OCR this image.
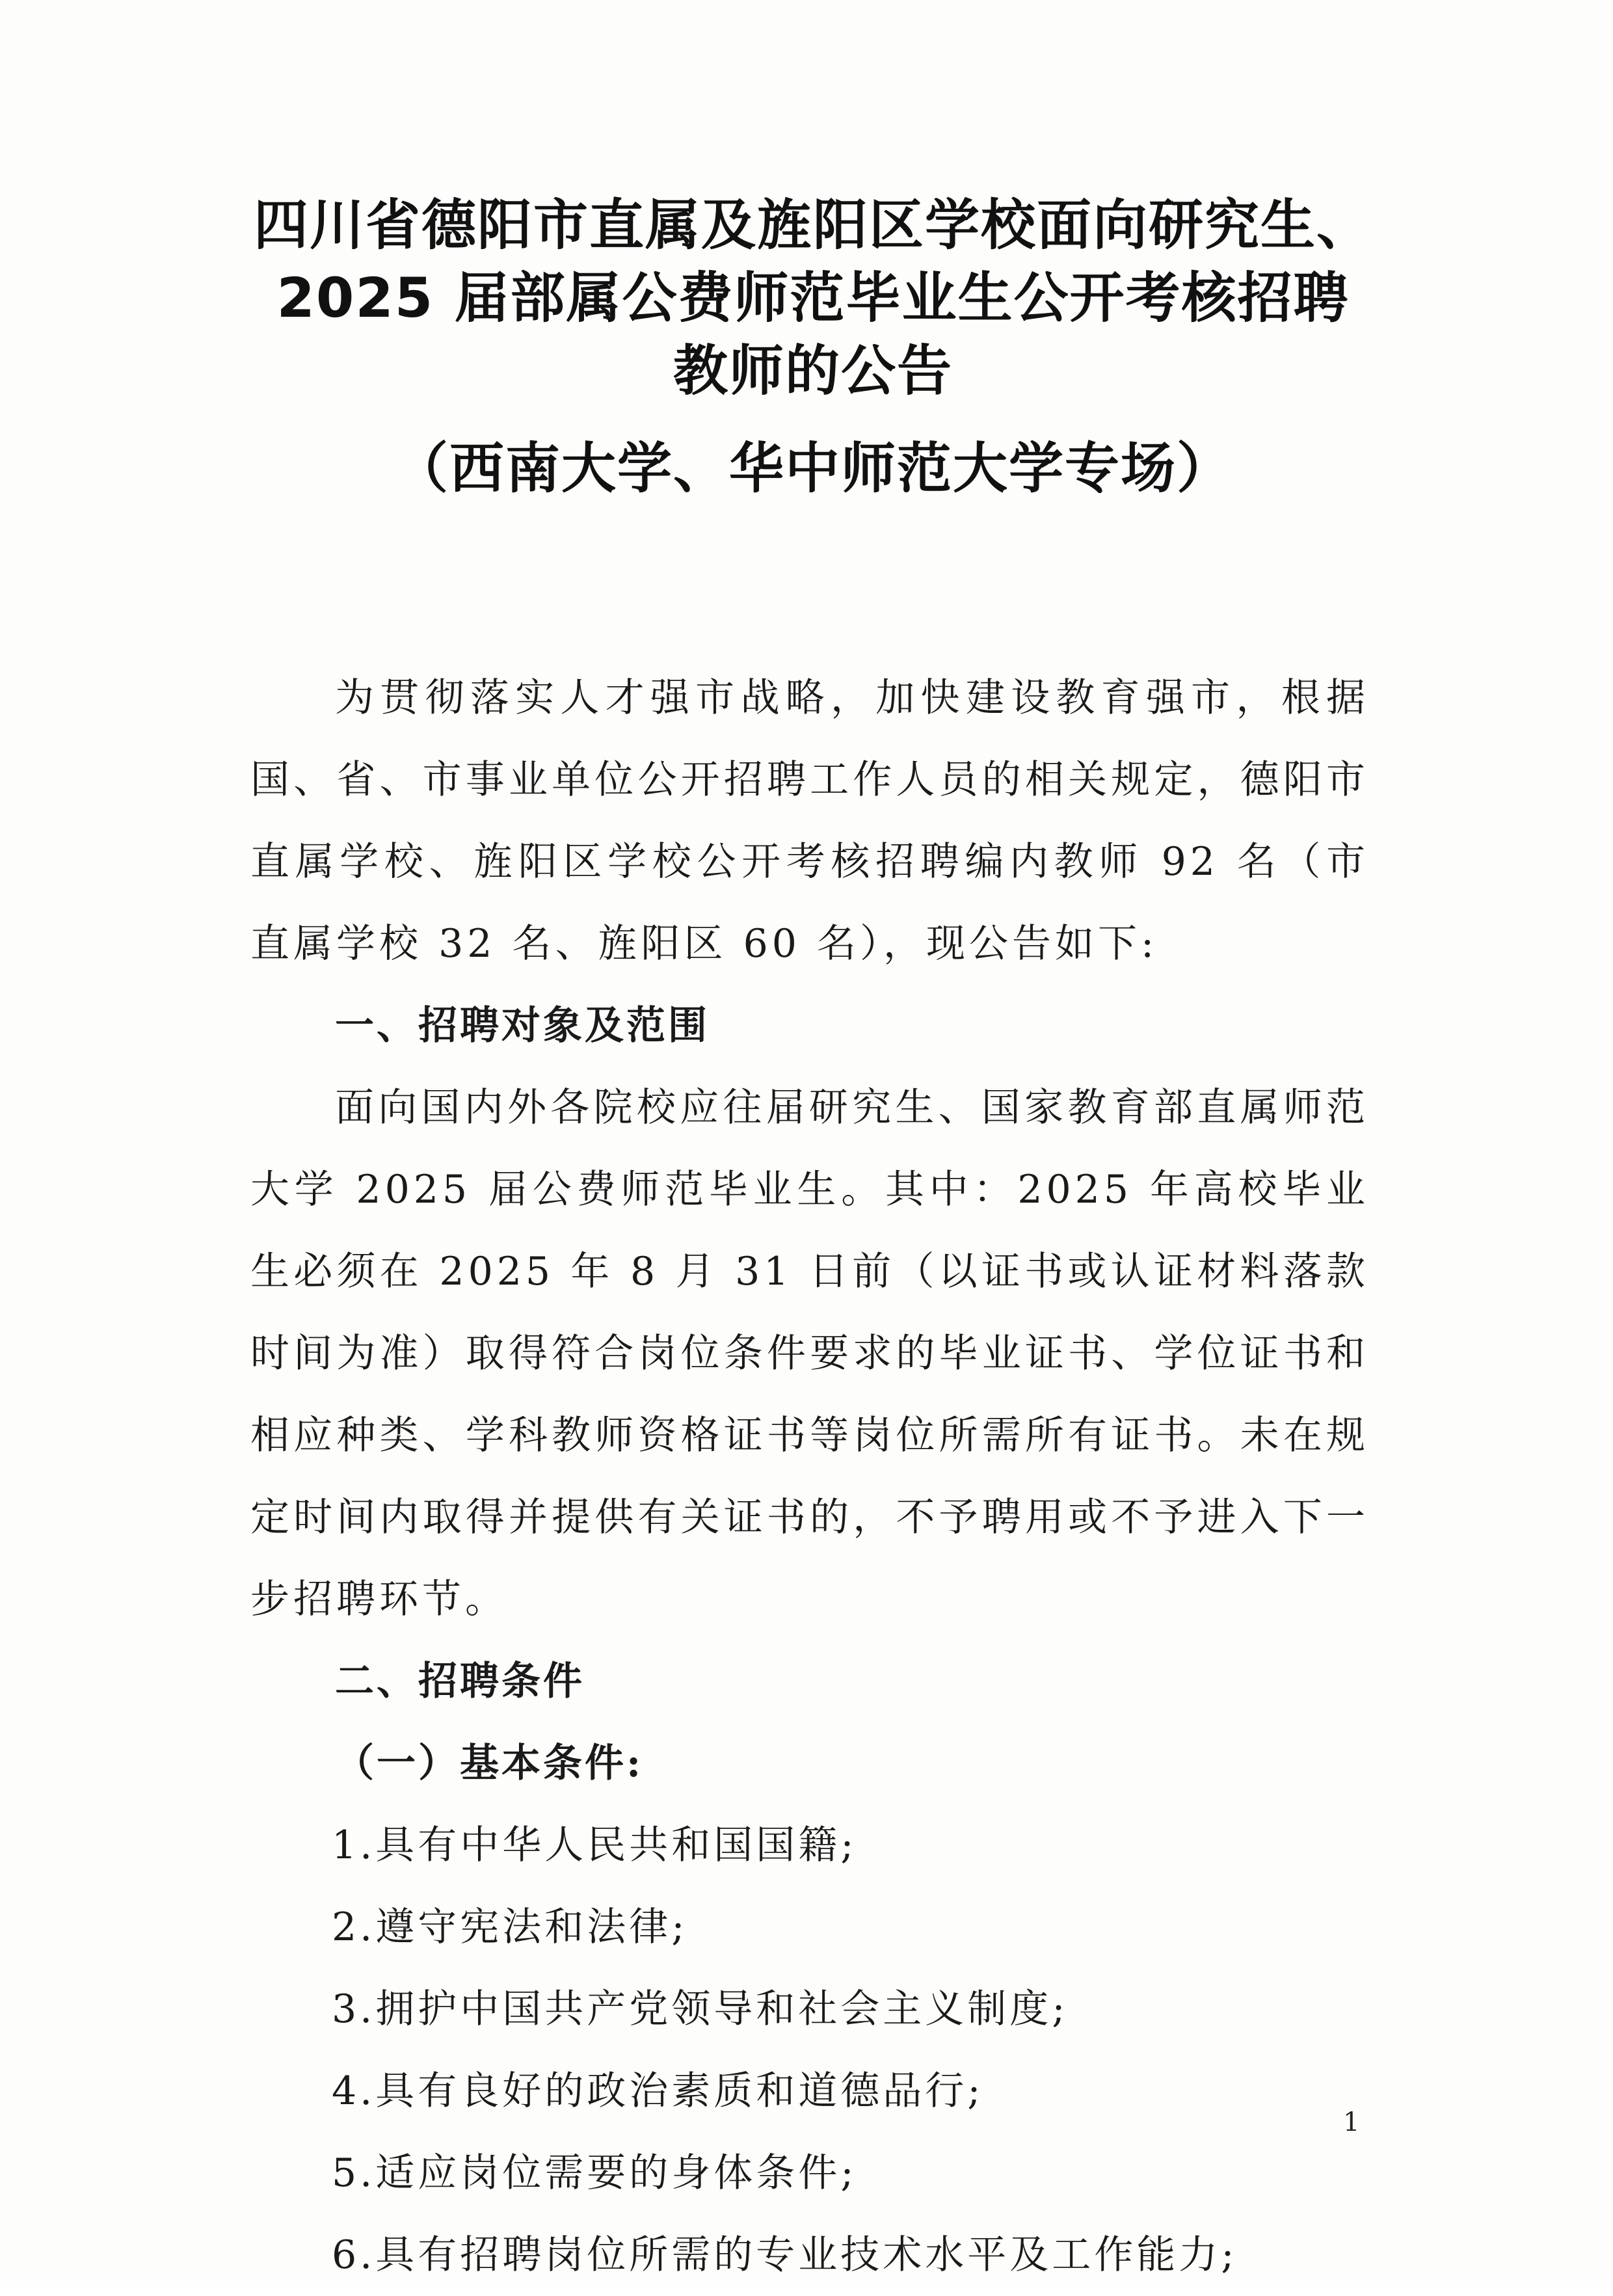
四川省德阳市直属及旌阳区学校面向研究生、
2025 届部属公费师范毕业生公开考核招聘
教师的公告
（西南大学、华中师范大学专场）

为贯彻落实人才强市战略，加快建设教育强市，根据国、省、市事业单位公开招聘工作人员的相关规定，德阳市直属学校、旌阳区学校公开考核招聘编内教师 92 名（市直属学校 32 名、旌阳区 60 名），现公告如下:

一、招聘对象及范围

面向国内外各院校应往届研究生、国家教育部直属师范大学 2025 届公费师范毕业生。其中：2025 年高校毕业生必须在 2025 年 8 月 31 日前（以证书或认证材料落款时间为准）取得符合岗位条件要求的毕业证书、学位证书和相应种类、学科教师资格证书等岗位所需所有证书。未在规定时间内取得并提供有关证书的，不予聘用或不予进入下一步招聘环节。

二、招聘条件

（一）基本条件:

1.具有中华人民共和国国籍;

2.遵守宪法和法律;

3.拥护中国共产党领导和社会主义制度;

4.具有良好的政治素质和道德品行;

5.适应岗位需要的身体条件;

6.具有招聘岗位所需的专业技术水平及工作能力;

1
